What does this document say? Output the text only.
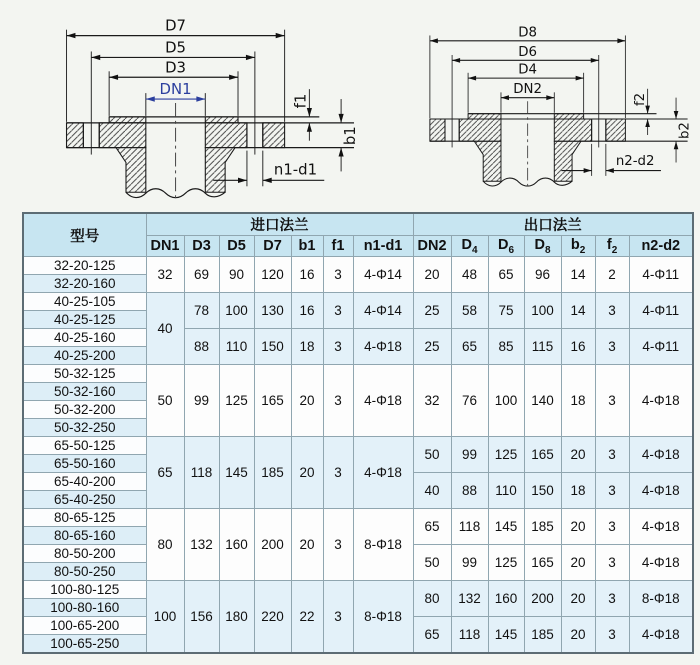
D7
D5
D3
DN1
f1
b1
n1-d1
D8
D6
D4
DN2
f2
b2
n2-d2
型号	进口法兰							出口法兰						
	DN1	D3	D5	D7	b1	f1	n1-d1	DN2	$D_4$	$D_6$	$D_8$	$b_2$	$f_2$	n2-d2
32-20-125	32	69	90	120	16	3	4-Φ14	20	48	65	96	14	2	4-Φ11
32-20-160														
40-25-105	40	78	100	130	16	3	4-Φ14	25	58	75	100	14	3	4-Φ11
40-25-125														
40-25-160		88	110	150	18	3	4-Φ18	25	65	85	115	16	3	4-Φ11
40-25-200														
50-32-125	50	99	125	165	20	3	4-Φ18	32	76	100	140	18	3	4-Φ18
50-32-160														
50-32-200														
50-32-250														
65-50-125	65	118	145	185	20	3	4-Φ18	50	99	125	165	20	3	4-Φ18
65-50-160														
65-40-200								40	88	110	150	18	3	4-Φ18
65-40-250														
80-65-125	80	132	160	200	20	3	8-Φ18	65	118	145	185	20	3	4-Φ18
80-65-160														
80-50-200								50	99	125	165	20	3	4-Φ18
80-50-250														
100-80-125	100	156	180	220	22	3	8-Φ18	80	132	160	200	20	3	8-Φ18
100-80-160														
100-65-200								65	118	145	185	20	3	4-Φ18
100-65-250														
